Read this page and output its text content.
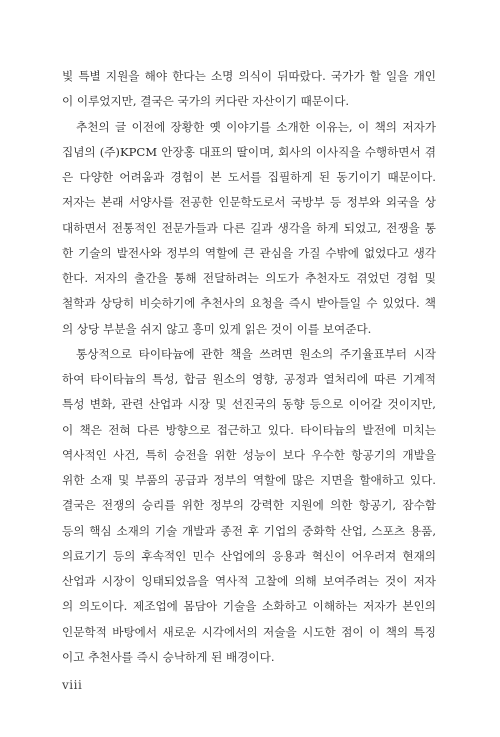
빛 특별 지원을 해야 한다는 소명 의식이 뒤따랐다. 국가가 할 일을 개인
이 이루었지만, 결국은 국가의 커다란 자산이기 때문이다.
추천의 글 이전에 장황한 옛 이야기를 소개한 이유는, 이 책의 저자가
집념의 (주)KPCM 안장홍 대표의 딸이며, 회사의 이사직을 수행하면서 겪
은 다양한 어려움과 경험이 본 도서를 집필하게 된 동기이기 때문이다.
저자는 본래 서양사를 전공한 인문학도로서 국방부 등 정부와 외국을 상
대하면서 전통적인 전문가들과 다른 길과 생각을 하게 되었고, 전쟁을 통
한 기술의 발전사와 정부의 역할에 큰 관심을 가질 수밖에 없었다고 생각
한다. 저자의 출간을 통해 전달하려는 의도가 추천자도 겪었던 경험 및
철학과 상당히 비슷하기에 추천사의 요청을 즉시 받아들일 수 있었다. 책
의 상당 부분을 쉬지 않고 흥미 있게 읽은 것이 이를 보여준다.
통상적으로 타이타늄에 관한 책을 쓰려면 원소의 주기율표부터 시작
하여 타이타늄의 특성, 합금 원소의 영향, 공정과 열처리에 따른 기계적
특성 변화, 관련 산업과 시장 및 선진국의 동향 등으로 이어갈 것이지만,
이 책은 전혀 다른 방향으로 접근하고 있다. 타이타늄의 발전에 미치는
역사적인 사건, 특히 승전을 위한 성능이 보다 우수한 항공기의 개발을
위한 소재 및 부품의 공급과 정부의 역할에 많은 지면을 할애하고 있다.
결국은 전쟁의 승리를 위한 정부의 강력한 지원에 의한 항공기, 잠수함
등의 핵심 소재의 기술 개발과 종전 후 기업의 중화학 산업, 스포츠 용품,
의료기기 등의 후속적인 민수 산업에의 응용과 혁신이 어우러져 현재의
산업과 시장이 잉태되었음을 역사적 고찰에 의해 보여주려는 것이 저자
의 의도이다. 제조업에 몸담아 기술을 소화하고 이해하는 저자가 본인의
인문학적 바탕에서 새로운 시각에서의 저술을 시도한 점이 이 책의 특징
이고 추천사를 즉시 승낙하게 된 배경이다.
viii
